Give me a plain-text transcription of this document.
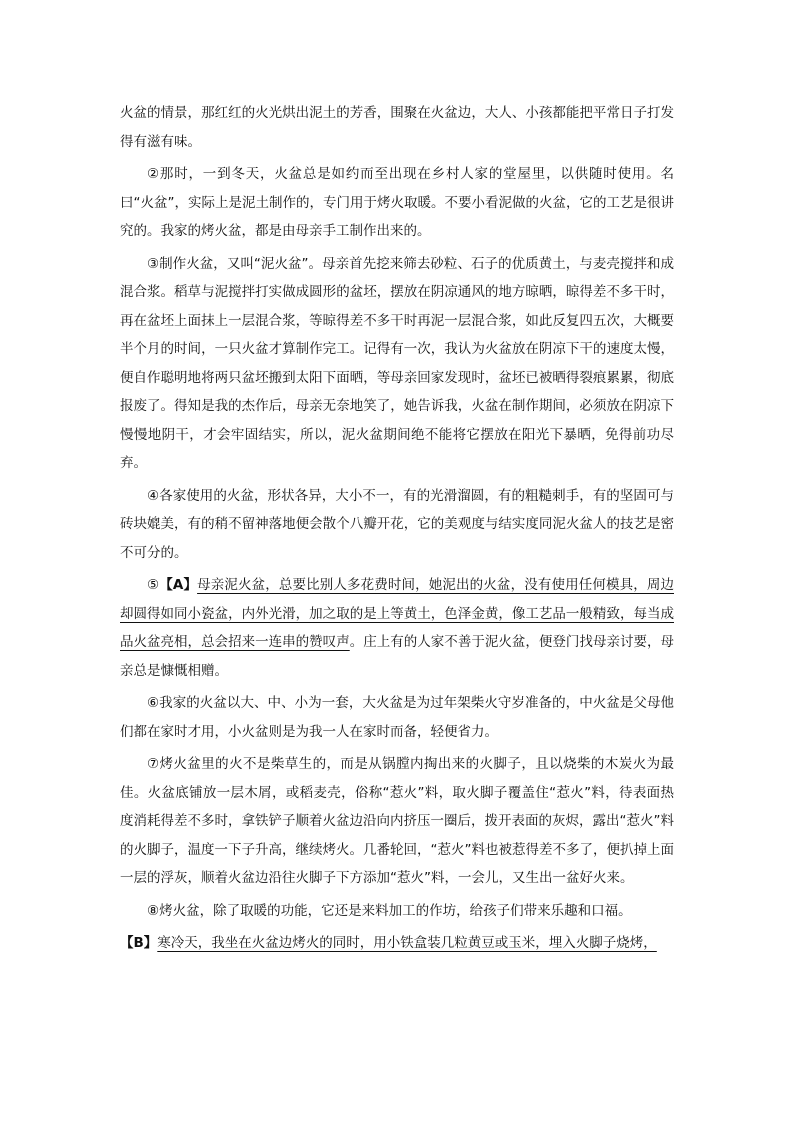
火盆的情景，那红红的火光烘出泥土的芳香，围聚在火盆边，大人、小孩都能把平常日子打发得有滋有味。

②那时，一到冬天，火盆总是如约而至出现在乡村人家的堂屋里，以供随时使用。名曰“火盆”，实际上是泥土制作的，专门用于烤火取暖。不要小看泥做的火盆，它的工艺是很讲究的。我家的烤火盆，都是由母亲手工制作出来的。

③制作火盆，又叫“泥火盆”。母亲首先挖来筛去砂粒、石子的优质黄土，与麦壳搅拌和成混合浆。稻草与泥搅拌打实做成圆形的盆坯，摆放在阴凉通风的地方晾晒，晾得差不多干时，再在盆坯上面抹上一层混合浆，等晾得差不多干时再泥一层混合浆，如此反复四五次，大概要半个月的时间，一只火盆才算制作完工。记得有一次，我认为火盆放在阴凉下干的速度太慢，便自作聪明地将两只盆坯搬到太阳下面晒，等母亲回家发现时，盆坯已被晒得裂痕累累，彻底报废了。得知是我的杰作后，母亲无奈地笑了，她告诉我，火盆在制作期间，必须放在阴凉下慢慢地阴干，才会牢固结实，所以，泥火盆期间绝不能将它摆放在阳光下暴晒，免得前功尽弃。

④各家使用的火盆，形状各异，大小不一，有的光滑溜圆，有的粗糙刺手，有的坚固可与砖块媲美，有的稍不留神落地便会散个八瓣开花，它的美观度与结实度同泥火盆人的技艺是密不可分的。

⑤【A】母亲泥火盆，总要比别人多花费时间，她泥出的火盆，没有使用任何模具，周边却圆得如同小瓷盆，内外光滑，加之取的是上等黄土，色泽金黄，像工艺品一般精致，每当成品火盆亮相，总会招来一连串的赞叹声。庄上有的人家不善于泥火盆，便登门找母亲讨要，母亲总是慷慨相赠。

⑥我家的火盆以大、中、小为一套，大火盆是为过年架柴火守岁准备的，中火盆是父母他们都在家时才用，小火盆则是为我一人在家时而备，轻便省力。

⑦烤火盆里的火不是柴草生的，而是从锅膛内掏出来的火脚子，且以烧柴的木炭火为最佳。火盆底铺放一层木屑，或稻麦壳，俗称“惹火”料，取火脚子覆盖住“惹火”料，待表面热度消耗得差不多时，拿铁铲子顺着火盆边沿向内挤压一圈后，拨开表面的灰烬，露出“惹火”料的火脚子，温度一下子升高，继续烤火。几番轮回，“惹火”料也被惹得差不多了，便扒掉上面一层的浮灰，顺着火盆边沿往火脚子下方添加“惹火”料，一会儿，又生出一盆好火来。

⑧烤火盆，除了取暖的功能，它还是来料加工的作坊，给孩子们带来乐趣和口福。

【B】寒冷天，我坐在火盆边烤火的同时，用小铁盒装几粒黄豆或玉米，埋入火脚子烧烤，
